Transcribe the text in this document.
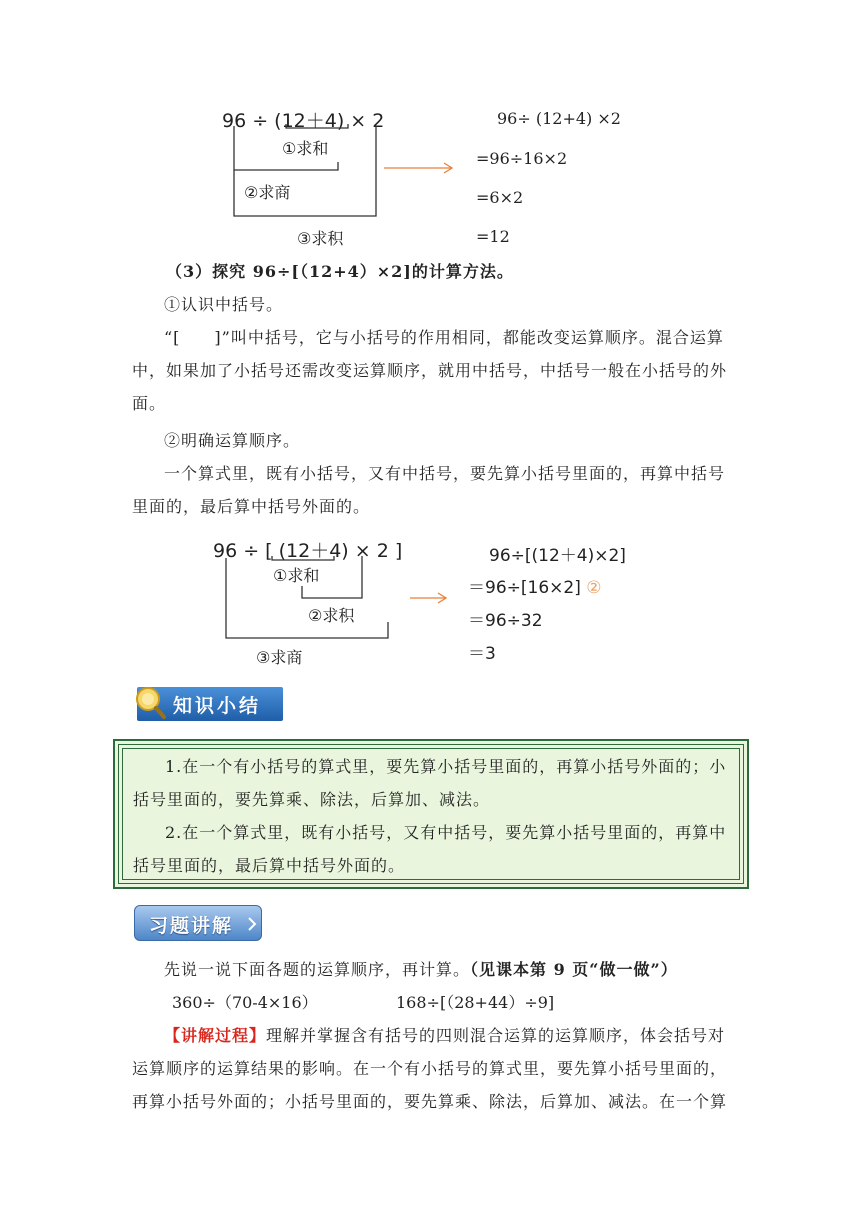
96 ÷ (12＋4) × 2
①求和
②求商
③求积
96÷ (12+4) ×2
=96÷16×2
=6×2
=12

（3）探究 96÷[（12+4）×2]的计算方法。

①认识中括号。

“[　　]”叫中括号，它与小括号的作用相同，都能改变运算顺序。混合运算中，如果加了小括号还需改变运算顺序，就用中括号，中括号一般在小括号的外面。

②明确运算顺序。

一个算式里，既有小括号，又有中括号，要先算小括号里面的，再算中括号里面的，最后算中括号外面的。

96 ÷ [ (12＋4) × 2 ]
①求和
②求积
③求商
96÷[(12＋4)×2]
＝96÷[16×2] ②
＝96÷32
＝3
知识小结

1.在一个有小括号的算式里，要先算小括号里面的，再算小括号外面的；小括号里面的，要先算乘、除法，后算加、减法。

2.在一个算式里，既有小括号，又有中括号，要先算小括号里面的，再算中括号里面的，最后算中括号外面的。

习题讲解

先说一说下面各题的运算顺序，再计算。（见课本第 9 页“做一做”）

360÷（70-4×16）	168÷[（28+44）÷9]

【讲解过程】理解并掌握含有括号的四则混合运算的运算顺序，体会括号对运算顺序的运算结果的影响。在一个有小括号的算式里，要先算小括号里面的，再算小括号外面的；小括号里面的，要先算乘、除法，后算加、减法。在一个算
